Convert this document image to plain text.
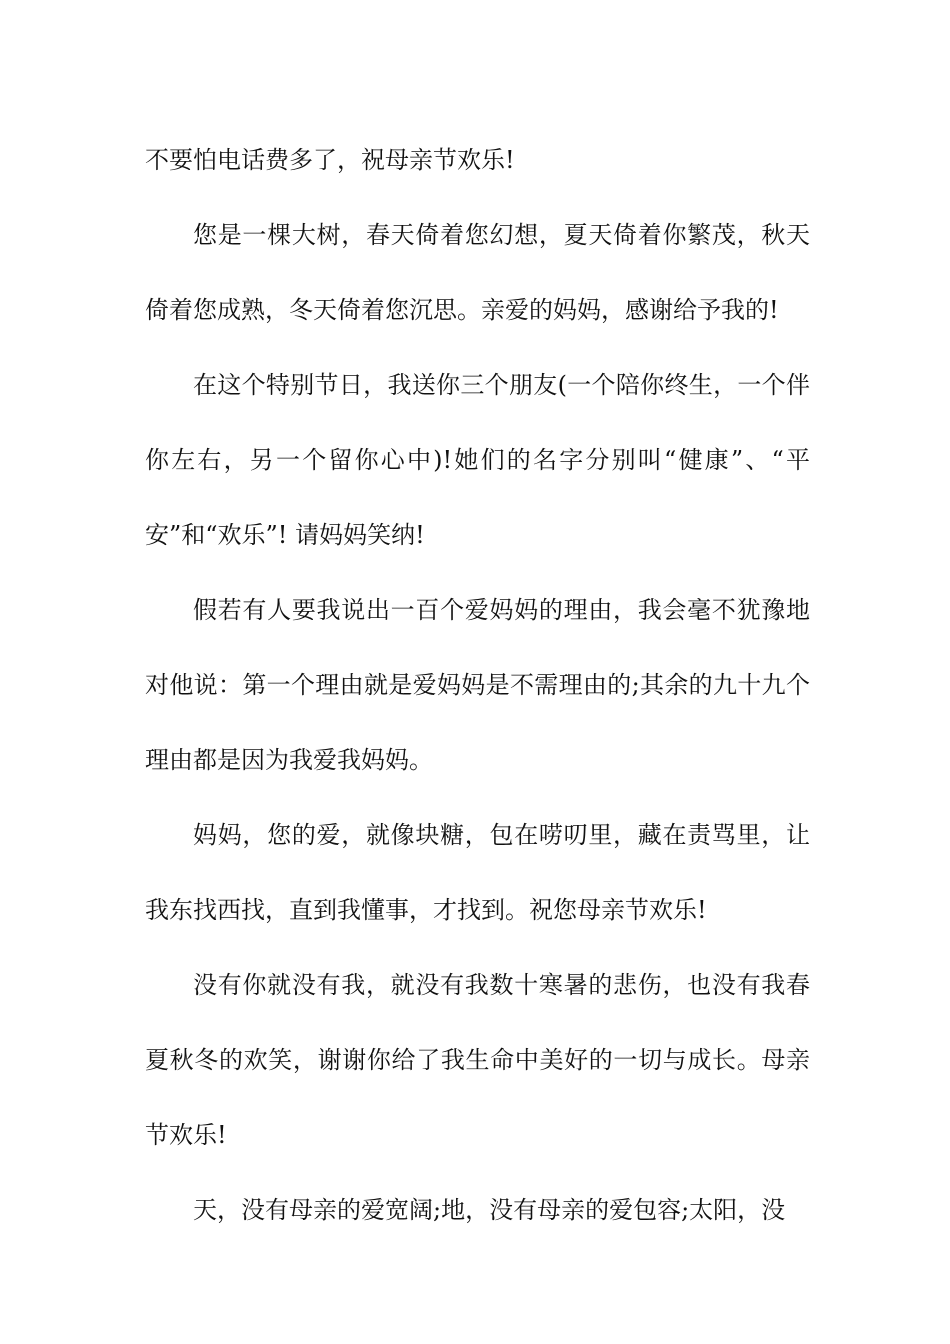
不要怕电话费多了，祝母亲节欢乐!

您是一棵大树，春天倚着您幻想，夏天倚着你繁茂，秋天倚着您成熟，冬天倚着您沉思。亲爱的妈妈，感谢给予我的!

在这个特别节日，我送你三个朋友(一个陪你终生，一个伴你左右，另一个留你心中)!她们的名字分别叫“健康”、“平安”和“欢乐”! 请妈妈笑纳!

假若有人要我说出一百个爱妈妈的理由，我会毫不犹豫地对他说：第一个理由就是爱妈妈是不需理由的;其余的九十九个理由都是因为我爱我妈妈。

妈妈，您的爱，就像块糖，包在唠叨里，藏在责骂里，让我东找西找，直到我懂事，才找到。祝您母亲节欢乐!

没有你就没有我，就没有我数十寒暑的悲伤，也没有我春夏秋冬的欢笑，谢谢你给了我生命中美好的一切与成长。母亲节欢乐!

天，没有母亲的爱宽阔;地，没有母亲的爱包容;太阳，没
